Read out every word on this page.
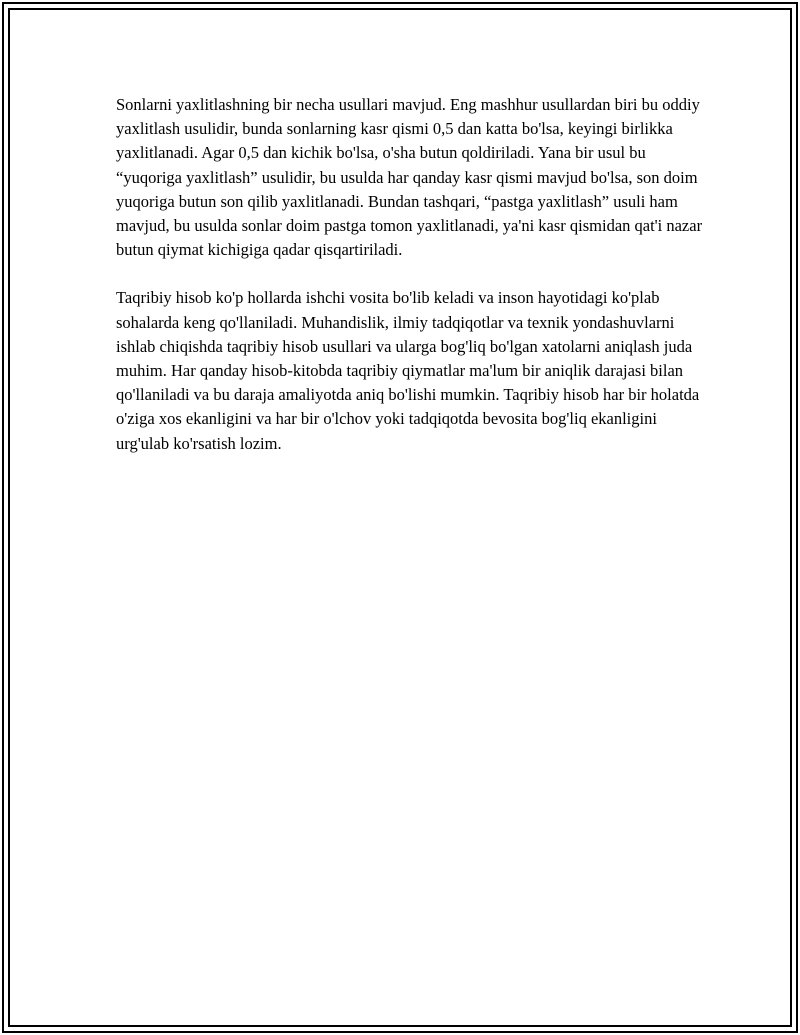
Sonlarni yaxlitlashning bir necha usullari mavjud. Eng mashhur usullardan biri bu oddiy yaxlitlash usulidir, bunda sonlarning kasr qismi 0,5 dan katta bo'lsa, keyingi birlikka yaxlitlanadi. Agar 0,5 dan kichik bo'lsa, o'sha butun qoldiriladi. Yana bir usul bu “yuqoriga yaxlitlash” usulidir, bu usulda har qanday kasr qismi mavjud bo'lsa, son doim yuqoriga butun son qilib yaxlitlanadi. Bundan tashqari, “pastga yaxlitlash” usuli ham mavjud, bu usulda sonlar doim pastga tomon yaxlitlanadi, ya'ni kasr qismidan qat'i nazar butun qiymat kichigiga qadar qisqartiriladi.

Taqribiy hisob ko'p hollarda ishchi vosita bo'lib keladi va inson hayotidagi ko'plab sohalarda keng qo'llaniladi. Muhandislik, ilmiy tadqiqotlar va texnik yondashuvlarni ishlab chiqishda taqribiy hisob usullari va ularga bog'liq bo'lgan xatolarni aniqlash juda muhim. Har qanday hisob-kitobda taqribiy qiymatlar ma'lum bir aniqlik darajasi bilan qo'llaniladi va bu daraja amaliyotda aniq bo'lishi mumkin. Taqribiy hisob har bir holatda o'ziga xos ekanligini va har bir o'lchov yoki tadqiqotda bevosita bog'liq ekanligini urg'ulab ko'rsatish lozim.
